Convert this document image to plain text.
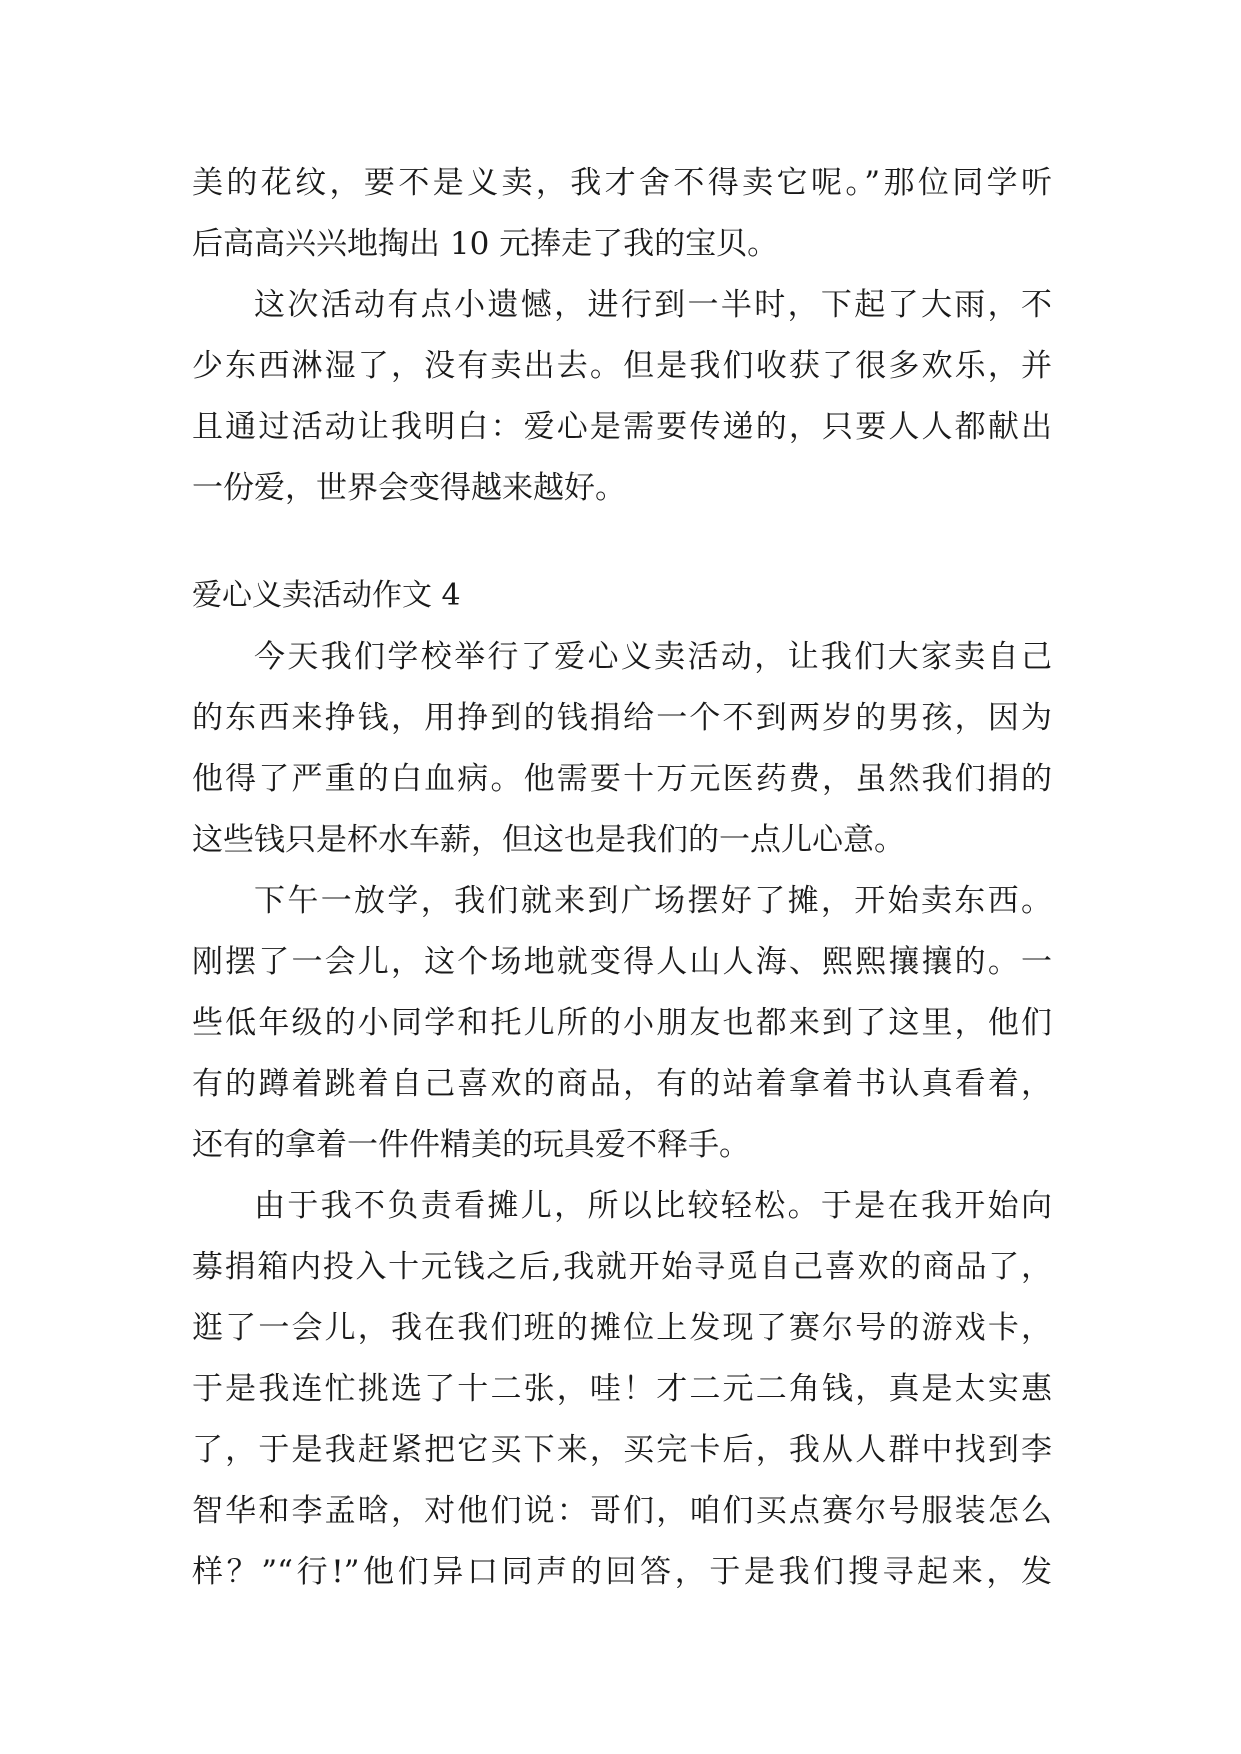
美的花纹，要不是义卖，我才舍不得卖它呢。”那位同学听
后高高兴兴地掏出 10 元捧走了我的宝贝。
这次活动有点小遗憾，进行到一半时，下起了大雨，不
少东西淋湿了，没有卖出去。但是我们收获了很多欢乐，并
且通过活动让我明白：爱心是需要传递的，只要人人都献出
一份爱，世界会变得越来越好。
爱心义卖活动作文 4
今天我们学校举行了爱心义卖活动，让我们大家卖自己
的东西来挣钱，用挣到的钱捐给一个不到两岁的男孩，因为
他得了严重的白血病。他需要十万元医药费，虽然我们捐的
这些钱只是杯水车薪，但这也是我们的一点儿心意。
下午一放学，我们就来到广场摆好了摊，开始卖东西。
刚摆了一会儿，这个场地就变得人山人海、熙熙攘攘的。一
些低年级的小同学和托儿所的小朋友也都来到了这里，他们
有的蹲着跳着自己喜欢的商品，有的站着拿着书认真看着，
还有的拿着一件件精美的玩具爱不释手。
由于我不负责看摊儿，所以比较轻松。于是在我开始向
募捐箱内投入十元钱之后,我就开始寻觅自己喜欢的商品了，
逛了一会儿，我在我们班的摊位上发现了赛尔号的游戏卡，
于是我连忙挑选了十二张，哇！才二元二角钱，真是太实惠
了，于是我赶紧把它买下来，买完卡后，我从人群中找到李
智华和李孟晗，对他们说：哥们，咱们买点赛尔号服装怎么
样？”“行!”他们异口同声的回答，于是我们搜寻起来，发
